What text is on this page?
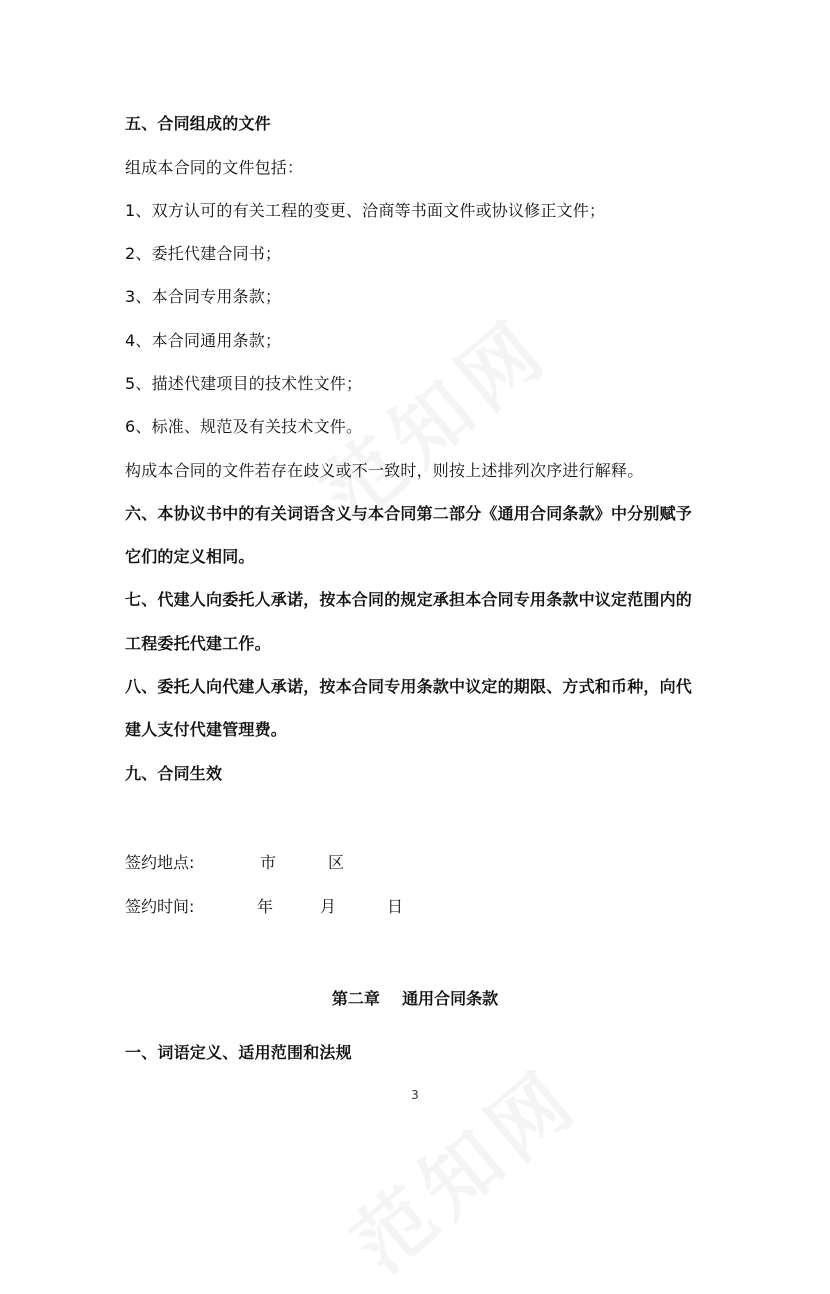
五、合同组成的文件
组成本合同的文件包括：
1、双方认可的有关工程的变更、洽商等书面文件或协议修正文件；
2、委托代建合同书；
3、本合同专用条款；
4、本合同通用条款；
5、描述代建项目的技术性文件；
6、标准、规范及有关技术文件。
构成本合同的文件若存在歧义或不一致时，则按上述排列次序进行解释。
六、本协议书中的有关词语含义与本合同第二部分《通用合同条款》中分别赋予
它们的定义相同。
七、代建人向委托人承诺，按本合同的规定承担本合同专用条款中议定范围内的
工程委托代建工作。
八、委托人向代建人承诺，按本合同专用条款中议定的期限、方式和币种，向代
建人支付代建管理费。
九、合同生效
签约地点:	市	区
签约时间:	年	月	日
第二章 通用合同条款
一、词语定义、适用范围和法规
3
